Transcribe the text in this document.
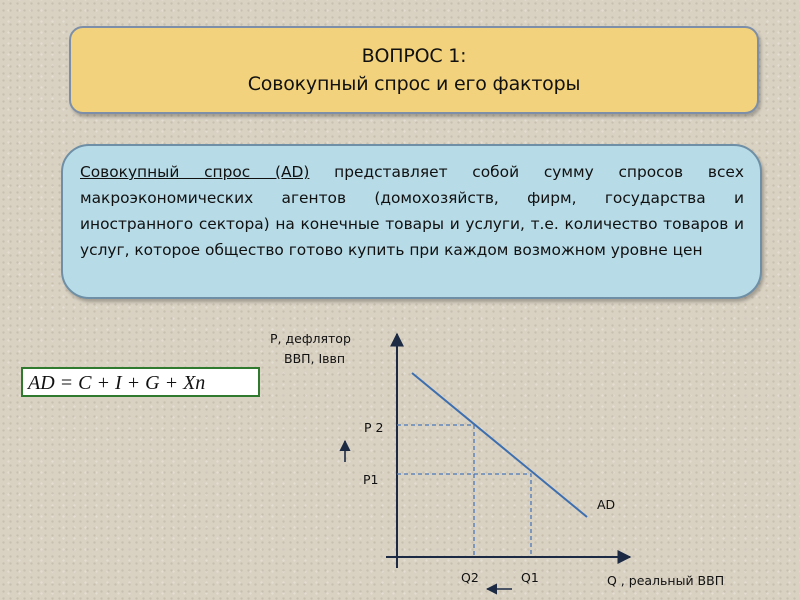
ВОПРОС 1:
Совокупный спрос и его факторы
Совокупный спрос (AD) представляет собой сумму спросов всех макроэкономических агентов (домохозяйств, фирм, государства и иностранного сектора) на конечные товары и услуги, т.е. количество товаров и услуг, которое общество готово купить при каждом возможном уровне цен
AD = C + I + G + Xn
P, дефлятор
ВВП, Iввп
P 2
P1
AD
Q2	Q1	Q , реальный ВВП
